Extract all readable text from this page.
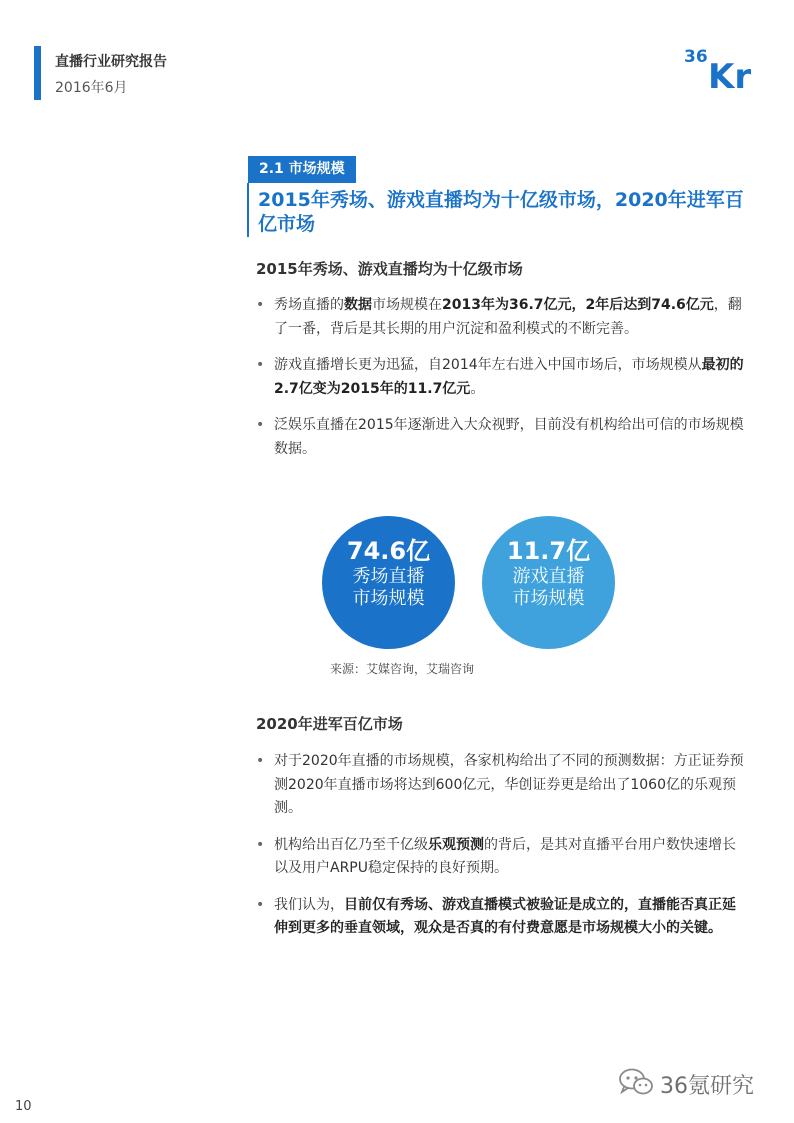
直播行业研究报告
2016年6月
36 Kr
2.1 市场规模
2015年秀场、游戏直播均为十亿级市场，2020年进军百亿市场
2015年秀场、游戏直播均为十亿级市场
• 秀场直播的数据市场规模在2013年为36.7亿元，2年后达到74.6亿元，翻了一番，背后是其长期的用户沉淀和盈利模式的不断完善。
• 游戏直播增长更为迅猛，自2014年左右进入中国市场后，市场规模从最初的2.7亿变为2015年的11.7亿元。
• 泛娱乐直播在2015年逐渐进入大众视野，目前没有机构给出可信的市场规模数据。
74.6亿
秀场直播
市场规模
11.7亿
游戏直播
市场规模
来源：艾媒咨询，艾瑞咨询
2020年进军百亿市场
• 对于2020年直播的市场规模，各家机构给出了不同的预测数据：方正证券预测2020年直播市场将达到600亿元，华创证券更是给出了1060亿的乐观预测。
• 机构给出百亿乃至千亿级乐观预测的背后，是其对直播平台用户数快速增长以及用户ARPU稳定保持的良好预期。
• 我们认为，目前仅有秀场、游戏直播模式被验证是成立的，直播能否真正延伸到更多的垂直领域，观众是否真的有付费意愿是市场规模大小的关键。
10
36氪研究
